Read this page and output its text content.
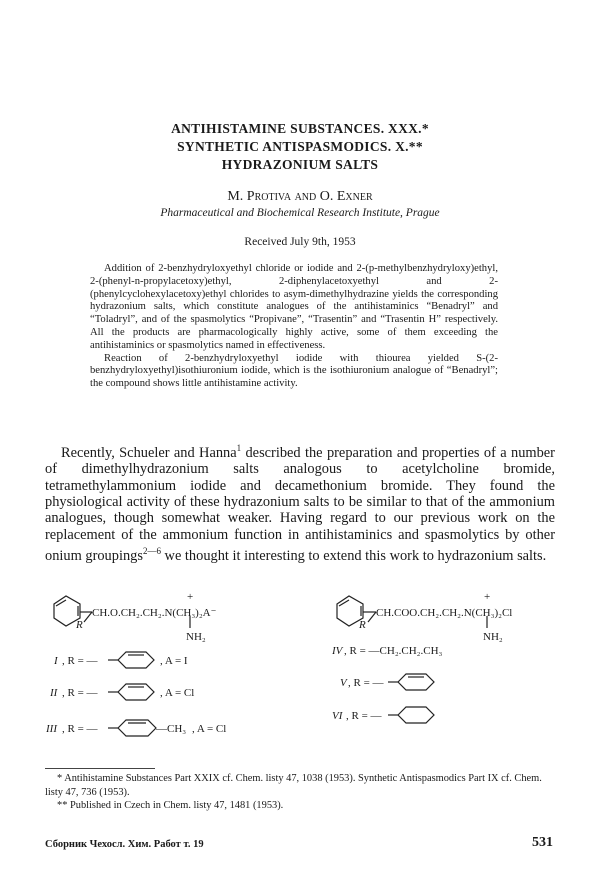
ANTIHISTAMINE SUBSTANCES. XXX.*
SYNTHETIC ANTISPASMODICS. X.**
HYDRAZONIUM SALTS
M. Protiva and O. Exner
Pharmaceutical and Biochemical Research Institute, Prague
Received July 9th, 1953

Addition of 2-benzhydryloxyethyl chloride or iodide and 2-(p-methylbenzhydryloxy)ethyl, 2-(phenyl-n-propylacetoxy)ethyl, 2-diphenylacetoxyethyl and 2-(phenylcyclohexylacetoxy)ethyl chlorides to asym-dimethylhydrazine yields the corresponding hydrazonium salts, which constitute analogues of the antihistaminics “Benadryl” and “Toladryl”, and of the spasmolytics “Propivane”, “Trasentin” and “Trasentin H” respectively. All the products are pharmacologically highly active, some of them exceeding the antihistaminics or spasmolytics named in effectiveness.

Reaction of 2-benzhydryloxyethyl iodide with thiourea yielded S-(2-benzhydryloxyethyl)isothiuronium iodide, which is the isothiuronium analogue of “Benadryl”; the compound shows little antihistamine activity.

Recently, Schueler and Hanna$^1$ described the preparation and properties of a number of dimethylhydrazonium salts analogous to acetylcholine bromide, tetramethylammonium iodide and decamethonium bromide. They found the physiological activity of these hydrazonium salts to be similar to that of the ammonium analogues, though somewhat weaker. Having regard to our previous work on the replacement of the ammonium function in antihistaminics and spasmolytics by other onium groupings$^{2—6}$ we thought it interesting to extend this work to hydrazonium salts.

CH.O.CH₂.CH₂.N(CH₃)₂A⁻
+
NH₂
R
CH.COO.CH₂.CH₂.N(CH₃)₂Cl
+
NH₂
R
I , R = —	, A = I
II , R = —	, A = Cl
III , R = —	—CH₃ , A = Cl
IV , R = —CH₂.CH₂.CH₃
V , R = —
VI , R = —

* Antihistamine Substances Part XXIX cf. Chem. listy 47, 1038 (1953). Synthetic Antispasmodics Part IX cf. Chem. listy 47, 736 (1953).

** Published in Czech in Chem. listy 47, 1481 (1953).

Сборник Чехосл. Хим. Работ т. 19	531
